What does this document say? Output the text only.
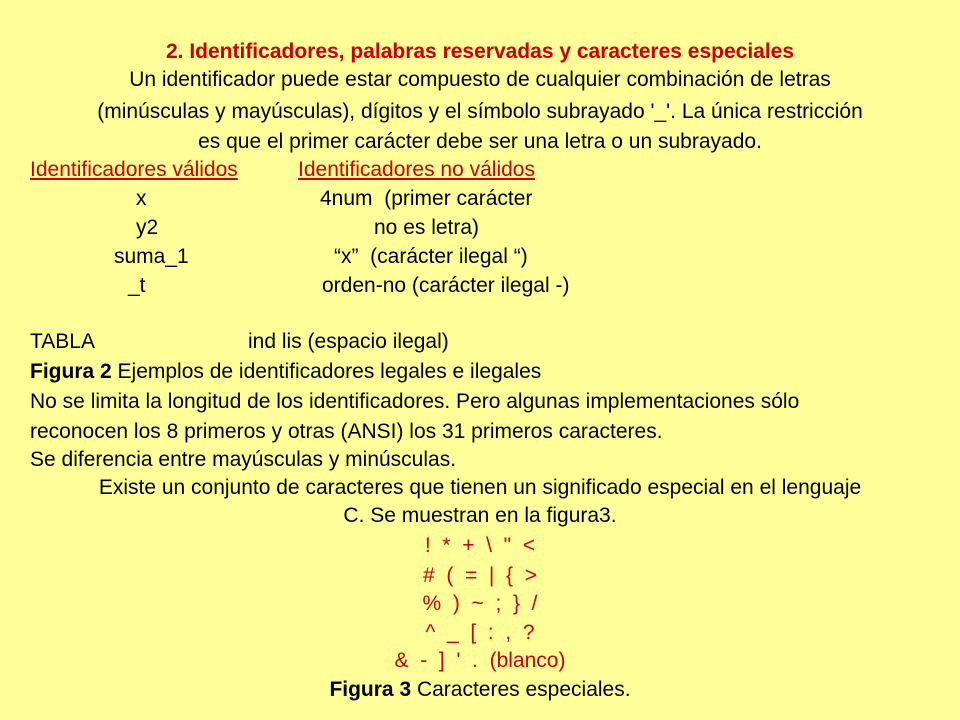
2. Identificadores, palabras reservadas y caracteres especiales
Un identificador puede estar compuesto de cualquier combinación de letras
(minúsculas y mayúsculas), dígitos y el símbolo subrayado '_'. La única restricción
es que el primer carácter debe ser una letra o un subrayado.
Identificadores válidos	Identificadores no válidos
x	4num  (primer carácter
y2	no es letra)
suma_1	“x”  (carácter ilegal “)
_t	orden-no (carácter ilegal -)
TABLA	ind lis (espacio ilegal)
Figura 2 Ejemplos de identificadores legales e ilegales
No se limita la longitud de los identificadores. Pero algunas implementaciones sólo
reconocen los 8 primeros y otras (ANSI) los 31 primeros caracteres.
Se diferencia entre mayúsculas y minúsculas.
Existe un conjunto de caracteres que tienen un significado especial en el lenguaje
C. Se muestran en la figura3.
!  *  +  \  "  <
#  (  =  |  {  >
%  )  ~  ;  }  /
^  _  [  :  ,  ?
&  -  ]  '  .  (blanco)
Figura 3 Caracteres especiales.
